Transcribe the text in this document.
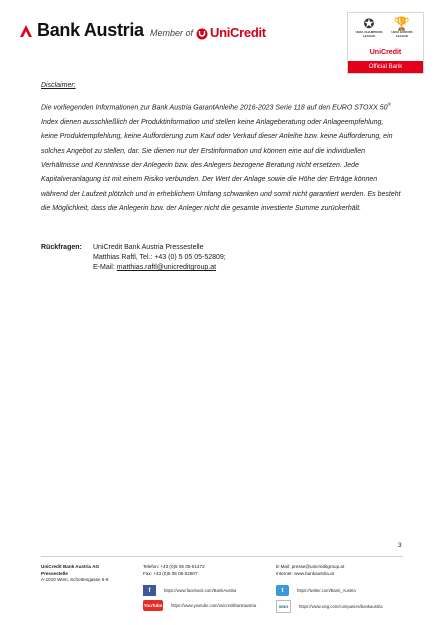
Bank Austria Member of UniCredit
✪
UEFA CHAMPIONS LEAGUE
🏆
UEFA EUROPA LEAGUE
UniCredit
Official Bank

Disclaimer:

Die vorliegenden Informationen zur Bank Austria GarantAnleihe 2016-2023 Serie 118 auf den EURO STOXX 50® Index dienen ausschließlich der Produktinformation und stellen keine Anlageberatung oder Anlageempfehlung, keine Produktempfehlung, keine Aufforderung zum Kauf oder Verkauf dieser Anleihe bzw. keine Aufforderung, ein solches Angebot zu stellen, dar. Sie dienen nur der Erstinformation und können eine auf die individuellen Verhältnisse und Kenntnisse der Anlegerin bzw. des Anlegers bezogene Beratung nicht ersetzen. Jede Kapitalveranlagung ist mit einem Risiko verbunden. Der Wert der Anlage sowie die Höhe der Erträge können während der Laufzeit plötzlich und in erheblichem Umfang schwanken und somit nicht garantiert werden. Es besteht die Möglichkeit, dass die Anlegerin bzw. der Anleger nicht die gesamte investierte Summe zurückerhält.

Rückfragen:	UniCredit Bank Austria Pressestelle
Matthias Raftl, Tel.: +43 (0) 5 05 05-52809;
E-Mail: matthias.raftl@unicreditgroup.at
3
UniCredit Bank Austria AG
Pressestelle
A-1010 Wien, Schottengasse 6-8
Telefon: +43 (0)5 05 05-51472
Fax: +43 (0)5 05 05-52807
E-Mail: presse@unicreditgroup.at
Internet: www.bankaustria.at
f	https://www.facebook.com/BankAustria	t	https://twitter.com/Bank_Austria
YouTube https://www.youtube.com/unicreditbankaustria	XING	https://www.xing.com/companies/bankaustria
